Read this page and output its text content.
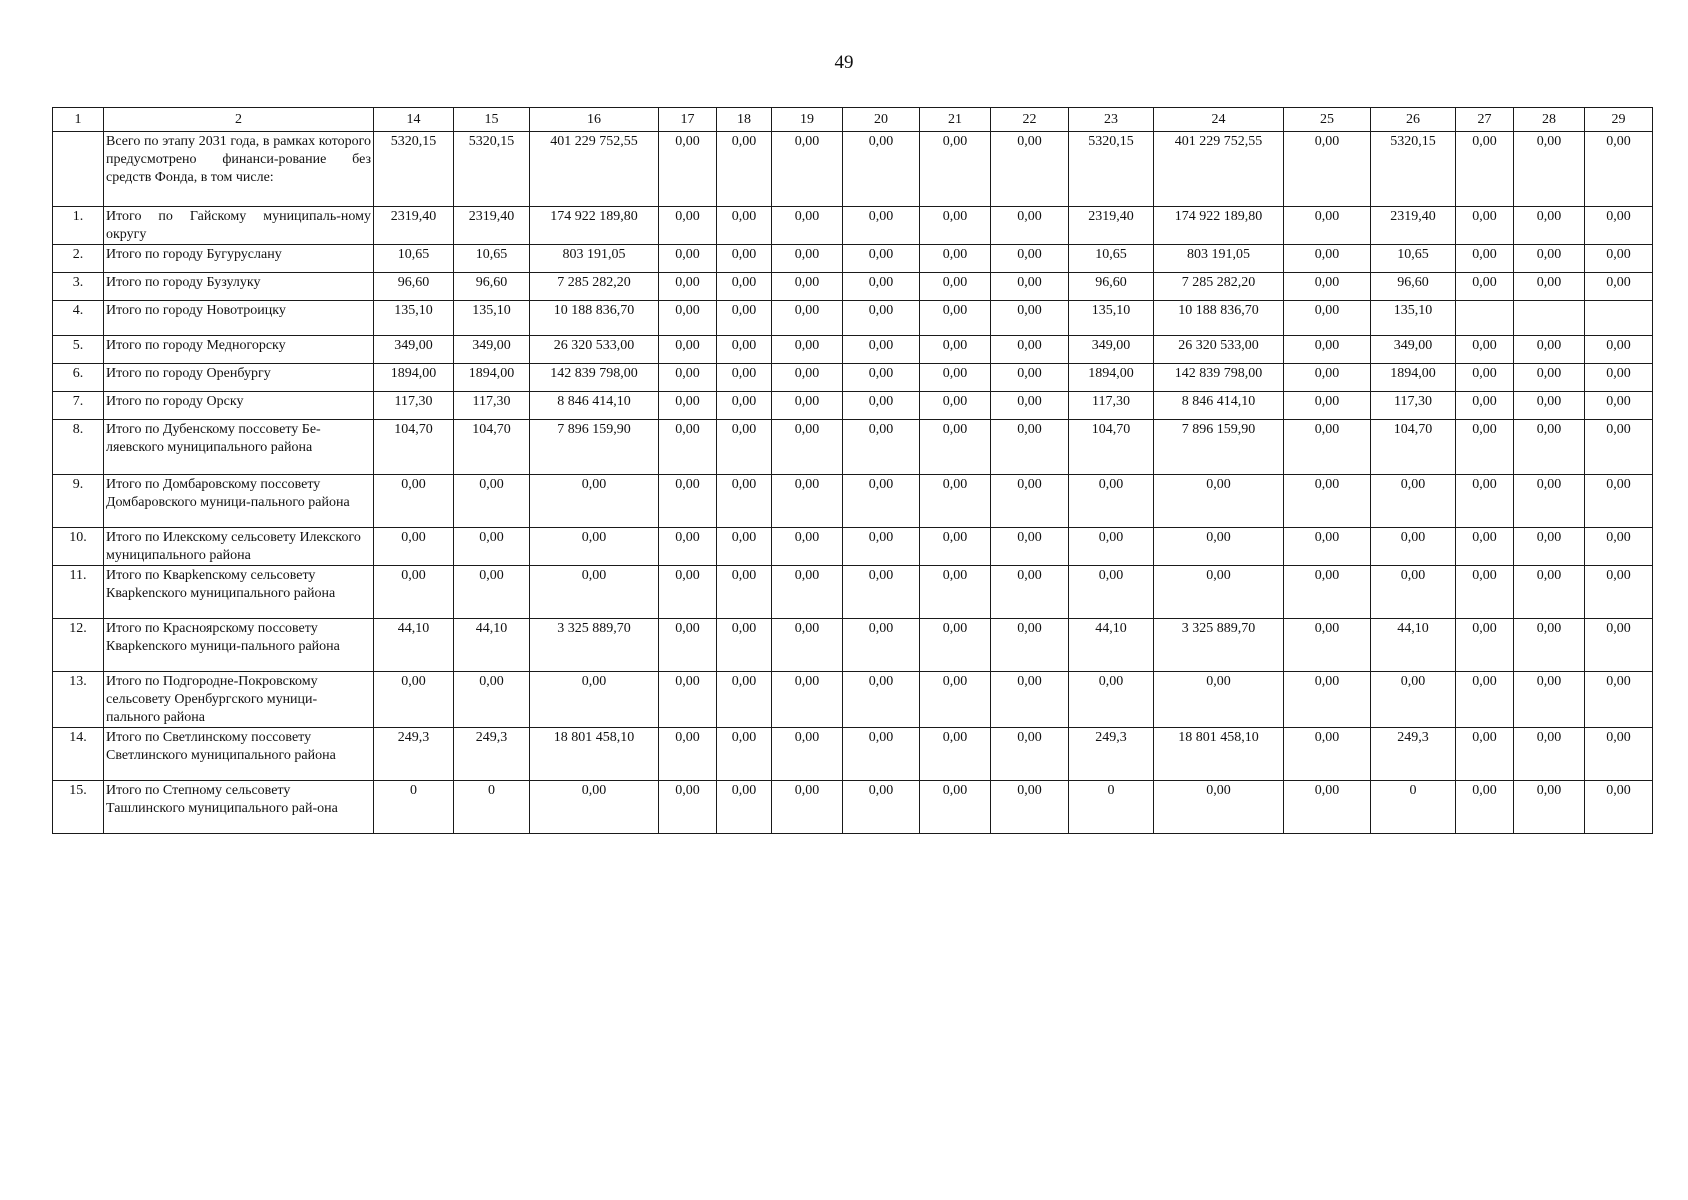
49
1	2	14	15	16	17	18	19	20	21	22	23	24	25	26	27	28	29
	Всего по этапу 2031 года, в рамках которого предусмотрено финанси-рование без средств Фонда, в том числе:	5320,15	5320,15	401 229 752,55	0,00	0,00	0,00	0,00	0,00	0,00	5320,15	401 229 752,55	0,00	5320,15	0,00	0,00	0,00
1.	Итого по Гайскому муниципаль-ному округу	2319,40	2319,40	174 922 189,80	0,00	0,00	0,00	0,00	0,00	0,00	2319,40	174 922 189,80	0,00	2319,40	0,00	0,00	0,00
2.	Итого по городу Бугуруслану	10,65	10,65	803 191,05	0,00	0,00	0,00	0,00	0,00	0,00	10,65	803 191,05	0,00	10,65	0,00	0,00	0,00
3.	Итого по городу Бузулуку	96,60	96,60	7 285 282,20	0,00	0,00	0,00	0,00	0,00	0,00	96,60	7 285 282,20	0,00	96,60	0,00	0,00	0,00
4.	Итого по городу Новотроицку	135,10	135,10	10 188 836,70	0,00	0,00	0,00	0,00	0,00	0,00	135,10	10 188 836,70	0,00	135,10			
5.	Итого по городу Медногорску	349,00	349,00	26 320 533,00	0,00	0,00	0,00	0,00	0,00	0,00	349,00	26 320 533,00	0,00	349,00	0,00	0,00	0,00
6.	Итого по городу Оренбургу	1894,00	1894,00	142 839 798,00	0,00	0,00	0,00	0,00	0,00	0,00	1894,00	142 839 798,00	0,00	1894,00	0,00	0,00	0,00
7.	Итого по городу Орску	117,30	117,30	8 846 414,10	0,00	0,00	0,00	0,00	0,00	0,00	117,30	8 846 414,10	0,00	117,30	0,00	0,00	0,00
8.	Итого по Дубенскому поссовету Бе-ляевского муниципального района	104,70	104,70	7 896 159,90	0,00	0,00	0,00	0,00	0,00	0,00	104,70	7 896 159,90	0,00	104,70	0,00	0,00	0,00
9.	Итого по Домбаровскому поссовету Домбаровского муници-пального района	0,00	0,00	0,00	0,00	0,00	0,00	0,00	0,00	0,00	0,00	0,00	0,00	0,00	0,00	0,00	0,00
10.	Итого по Илекскому сельсовету Илекского муниципального района	0,00	0,00	0,00	0,00	0,00	0,00	0,00	0,00	0,00	0,00	0,00	0,00	0,00	0,00	0,00	0,00
11.	Итого по Кварkenскому сельсовету Кварkenского муниципального района	0,00	0,00	0,00	0,00	0,00	0,00	0,00	0,00	0,00	0,00	0,00	0,00	0,00	0,00	0,00	0,00
12.	Итого по Красноярскому поссовету Кварkenского муници-пального района	44,10	44,10	3 325 889,70	0,00	0,00	0,00	0,00	0,00	0,00	44,10	3 325 889,70	0,00	44,10	0,00	0,00	0,00
13.	Итого по Подгородне-Покровскому сельсовету Оренбургского муници-пального района	0,00	0,00	0,00	0,00	0,00	0,00	0,00	0,00	0,00	0,00	0,00	0,00	0,00	0,00	0,00	0,00
14.	Итого по Светлинскому поссовету Светлинского муниципального района	249,3	249,3	18 801 458,10	0,00	0,00	0,00	0,00	0,00	0,00	249,3	18 801 458,10	0,00	249,3	0,00	0,00	0,00
15.	Итого по Степному сельсовету Ташлинского муниципального рай-она	0	0	0,00	0,00	0,00	0,00	0,00	0,00	0,00	0	0,00	0,00	0	0,00	0,00	0,00
